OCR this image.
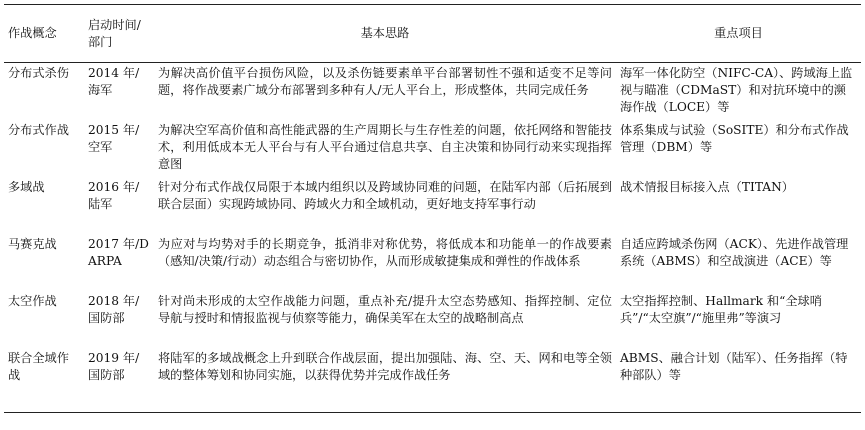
作战概念	启动时间/部门	基本思路	重点项目
分布式杀伤	2014 年/海军	为解决高价值平台损伤风险，以及杀伤链要素单平台部署韧性不强和适变不足等问题，将作战要素广域分布部署到多种有人/无人平台上，形成整体，共同完成任务	海军一体化防空（NIFC-CA）、跨域海上监视与瞄准（CDMaST）和对抗环境中的濒海作战（LOCE）等
分布式作战	2015 年/空军	为解决空军高价值和高性能武器的生产周期长与生存性差的问题，依托网络和智能技术，利用低成本无人平台与有人平台通过信息共享、自主决策和协同行动来实现指挥意图	体系集成与试验（SoSITE）和分布式作战管理（DBM）等
多域战	2016 年/陆军	针对分布式作战仅局限于本域内组织以及跨域协同难的问题，在陆军内部（后拓展到联合层面）实现跨域协同、跨域火力和全域机动，更好地支持军事行动	战术情报目标接入点（TITAN）
马赛克战	2017 年/DARPA	为应对与均势对手的长期竞争，抵消非对称优势，将低成本和功能单一的作战要素（感知/决策/行动）动态组合与密切协作，从而形成敏捷集成和弹性的作战体系	自适应跨域杀伤网（ACK）、先进作战管理系统（ABMS）和空战演进（ACE）等
太空作战	2018 年/国防部	针对尚未形成的太空作战能力问题，重点补充/提升太空态势感知、指挥控制、定位导航与授时和情报监视与侦察等能力，确保美军在太空的战略制高点	太空指挥控制、Hallmark 和“全球哨兵”/“太空旗”/“施里弗”等演习
联合全域作战	2019 年/国防部	将陆军的多域战概念上升到联合作战层面，提出加强陆、海、空、天、网和电等全领域的整体筹划和协同实施，以获得优势并完成作战任务	ABMS、融合计划（陆军）、任务指挥（特种部队）等
